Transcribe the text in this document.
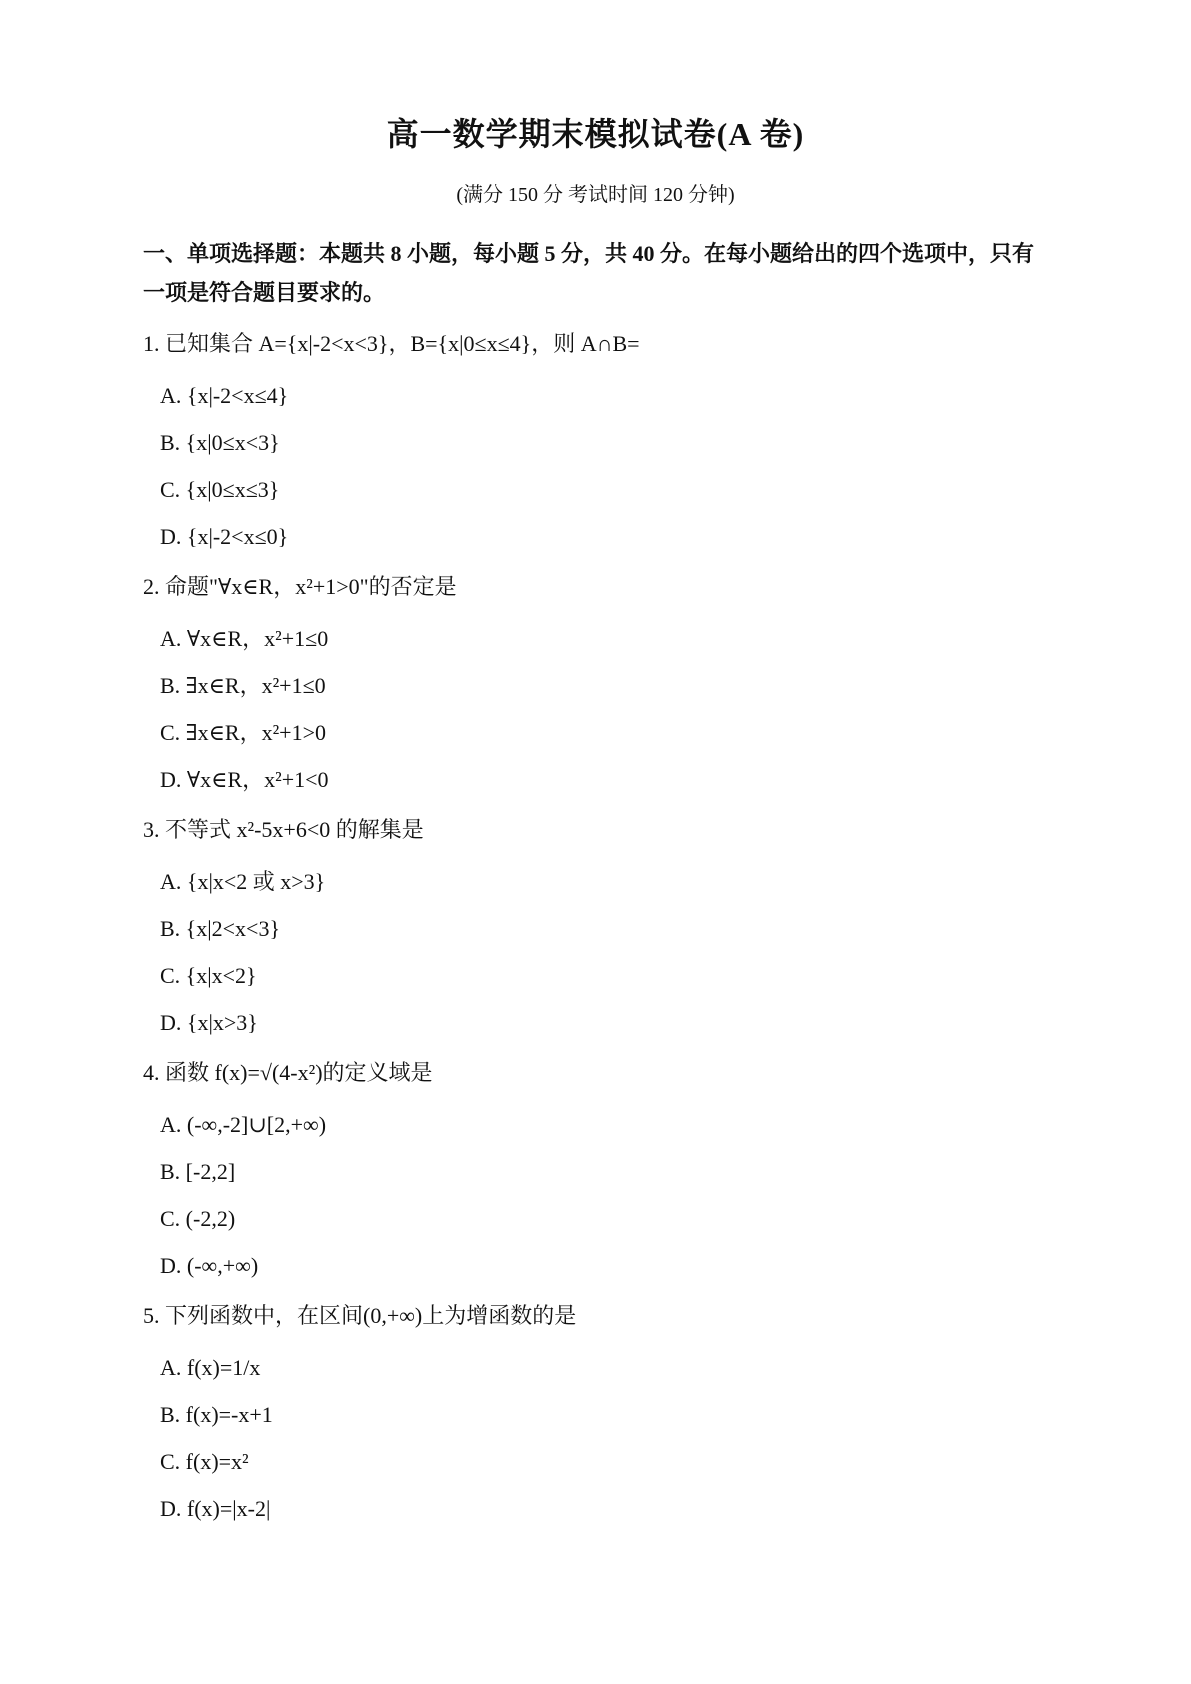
高一数学期末模拟试卷(A 卷)
(满分 150 分 考试时间 120 分钟)
一、单项选择题：本题共 8 小题，每小题 5 分，共 40 分。在每小题给出的四个选项中，只有一项是符合题目要求的。
1. 已知集合 A={x|-2<x<3}，B={x|0≤x≤4}，则 A∩B=
A. {x|-2<x≤4}
B. {x|0≤x<3}
C. {x|0≤x≤3}
D. {x|-2<x≤0}
2. 命题"∀x∈R，x²+1>0"的否定是
A. ∀x∈R，x²+1≤0
B. ∃x∈R，x²+1≤0
C. ∃x∈R，x²+1>0
D. ∀x∈R，x²+1<0
3. 不等式 x²-5x+6<0 的解集是
A. {x|x<2 或 x>3}
B. {x|2<x<3}
C. {x|x<2}
D. {x|x>3}
4. 函数 f(x)=√(4-x²)的定义域是
A. (-∞,-2]∪[2,+∞)
B. [-2,2]
C. (-2,2)
D. (-∞,+∞)
5. 下列函数中，在区间(0,+∞)上为增函数的是
A. f(x)=1/x
B. f(x)=-x+1
C. f(x)=x²
D. f(x)=|x-2|
